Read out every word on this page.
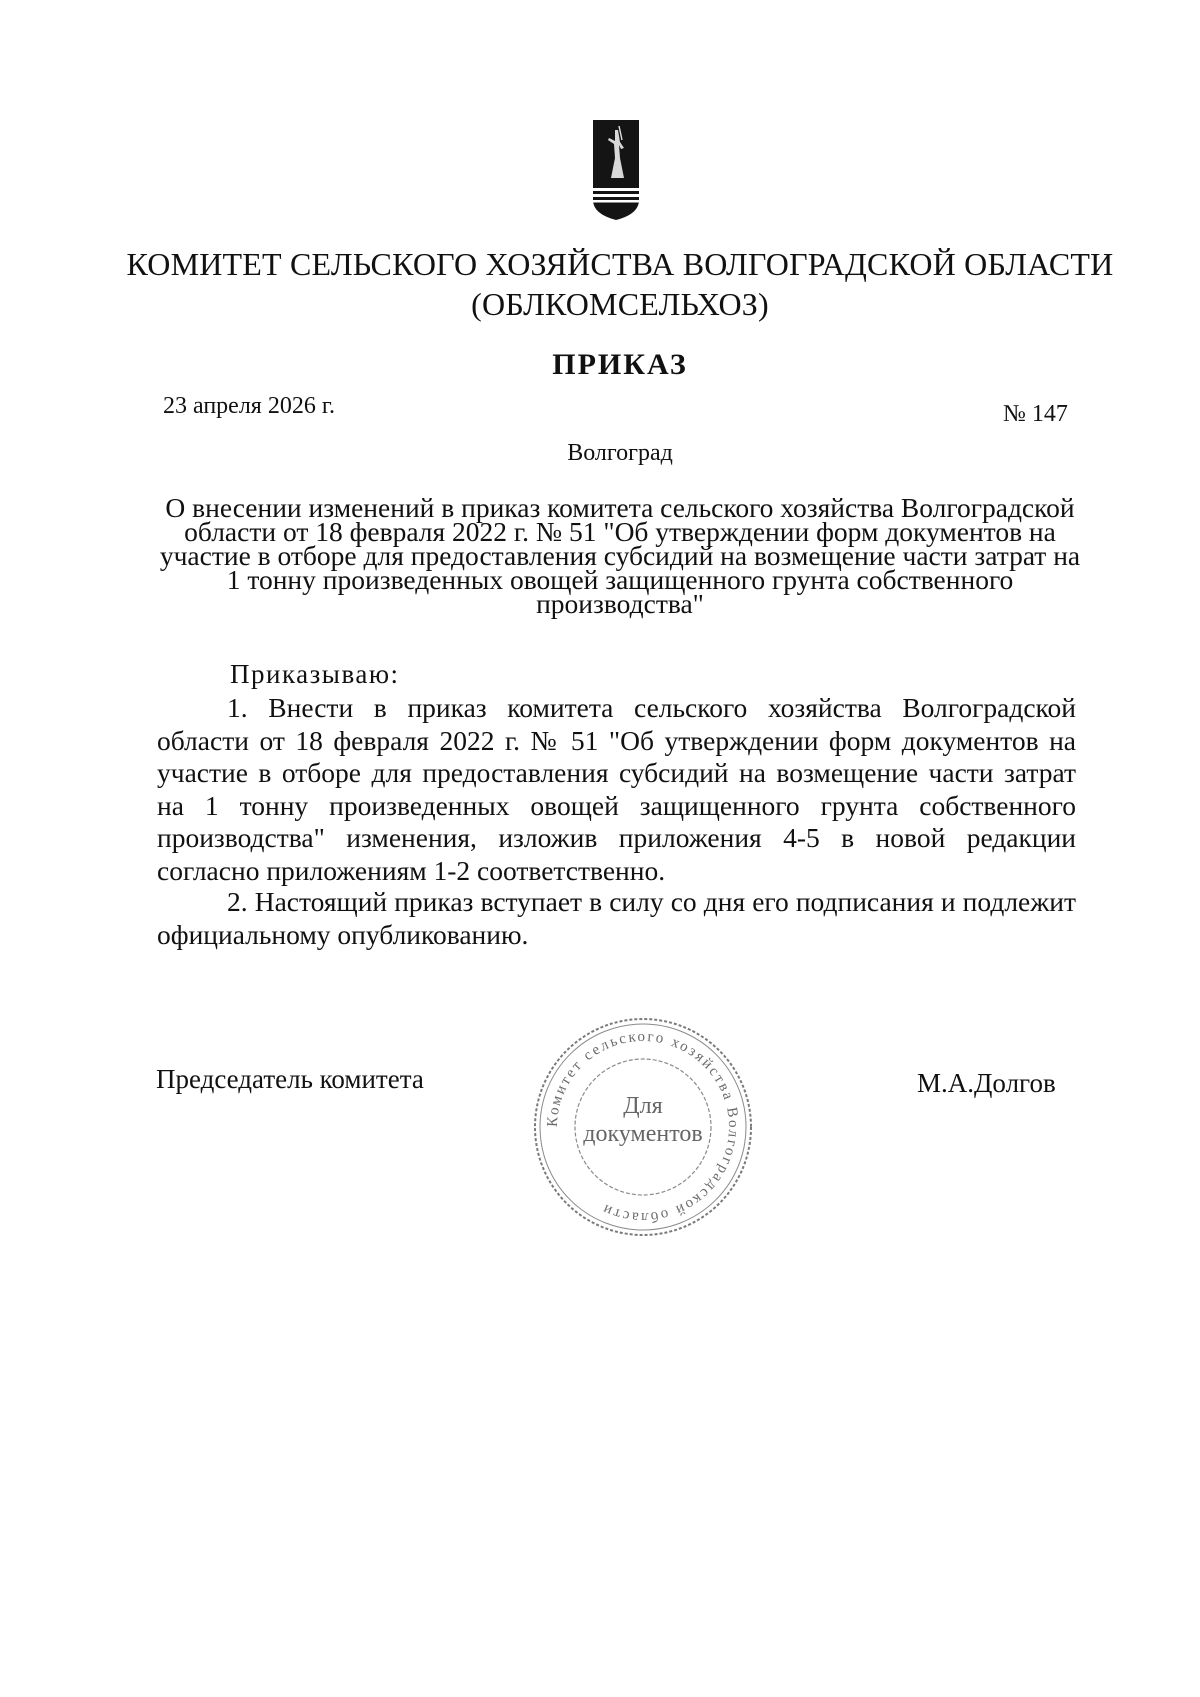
КОМИТЕТ СЕЛЬСКОГО ХОЗЯЙСТВА ВОЛГОГРАДСКОЙ ОБЛАСТИ
(ОБЛКОМСЕЛЬХОЗ)
ПРИКАЗ
23 апреля 2026 г.	№ 147
Волгоград
О внесении изменений в приказ комитета сельского хозяйства Волгоградской области от 18 февраля 2022 г. № 51 "Об утверждении форм документов на участие в отборе для предоставления субсидий на возмещение части затрат на 1 тонну произведенных овощей защищенного грунта собственного производства"
Приказываю:

1. Внести в приказ комитета сельского хозяйства Волгоградской области от 18 февраля 2022 г. № 51 "Об утверждении форм документов на участие в отборе для предоставления субсидий на возмещение части затрат на 1 тонну произведенных овощей защищенного грунта собственного производства" изменения, изложив приложения 4-5 в новой редакции согласно приложениям 1-2 соответственно.

2. Настоящий приказ вступает в силу со дня его подписания и подлежит официальному опубликованию.

Председатель комитета	М.А.Долгов
Комитет сельского хозяйства Волгоградской области
Для
документов
